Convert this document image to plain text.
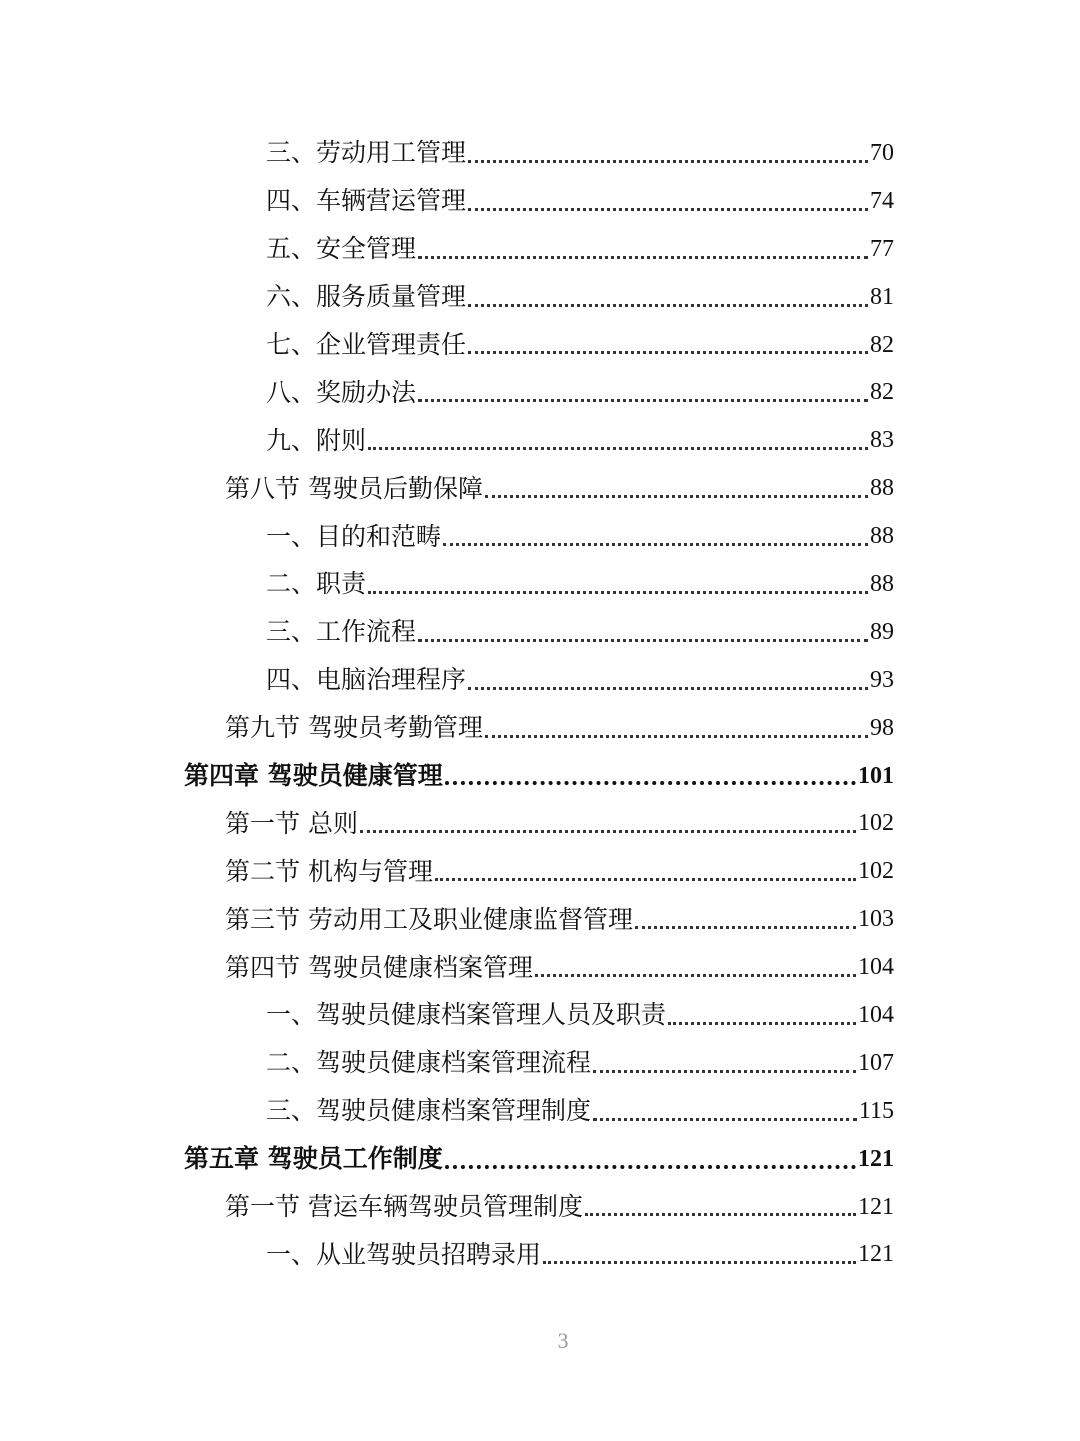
三、劳动用工管理	70
四、车辆营运管理	74
五、安全管理	77
六、服务质量管理	81
七、企业管理责任	82
八、奖励办法	82
九、附则	83
第八节 驾驶员后勤保障	88
一、目的和范畴	88
二、职责	88
三、工作流程	89
四、电脑治理程序	93
第九节 驾驶员考勤管理	98
第四章 驾驶员健康管理	101
第一节 总则	102
第二节 机构与管理	102
第三节 劳动用工及职业健康监督管理	103
第四节 驾驶员健康档案管理	104
一、驾驶员健康档案管理人员及职责	104
二、驾驶员健康档案管理流程	107
三、驾驶员健康档案管理制度	115
第五章 驾驶员工作制度	121
第一节 营运车辆驾驶员管理制度	121
一、从业驾驶员招聘录用	121
3
